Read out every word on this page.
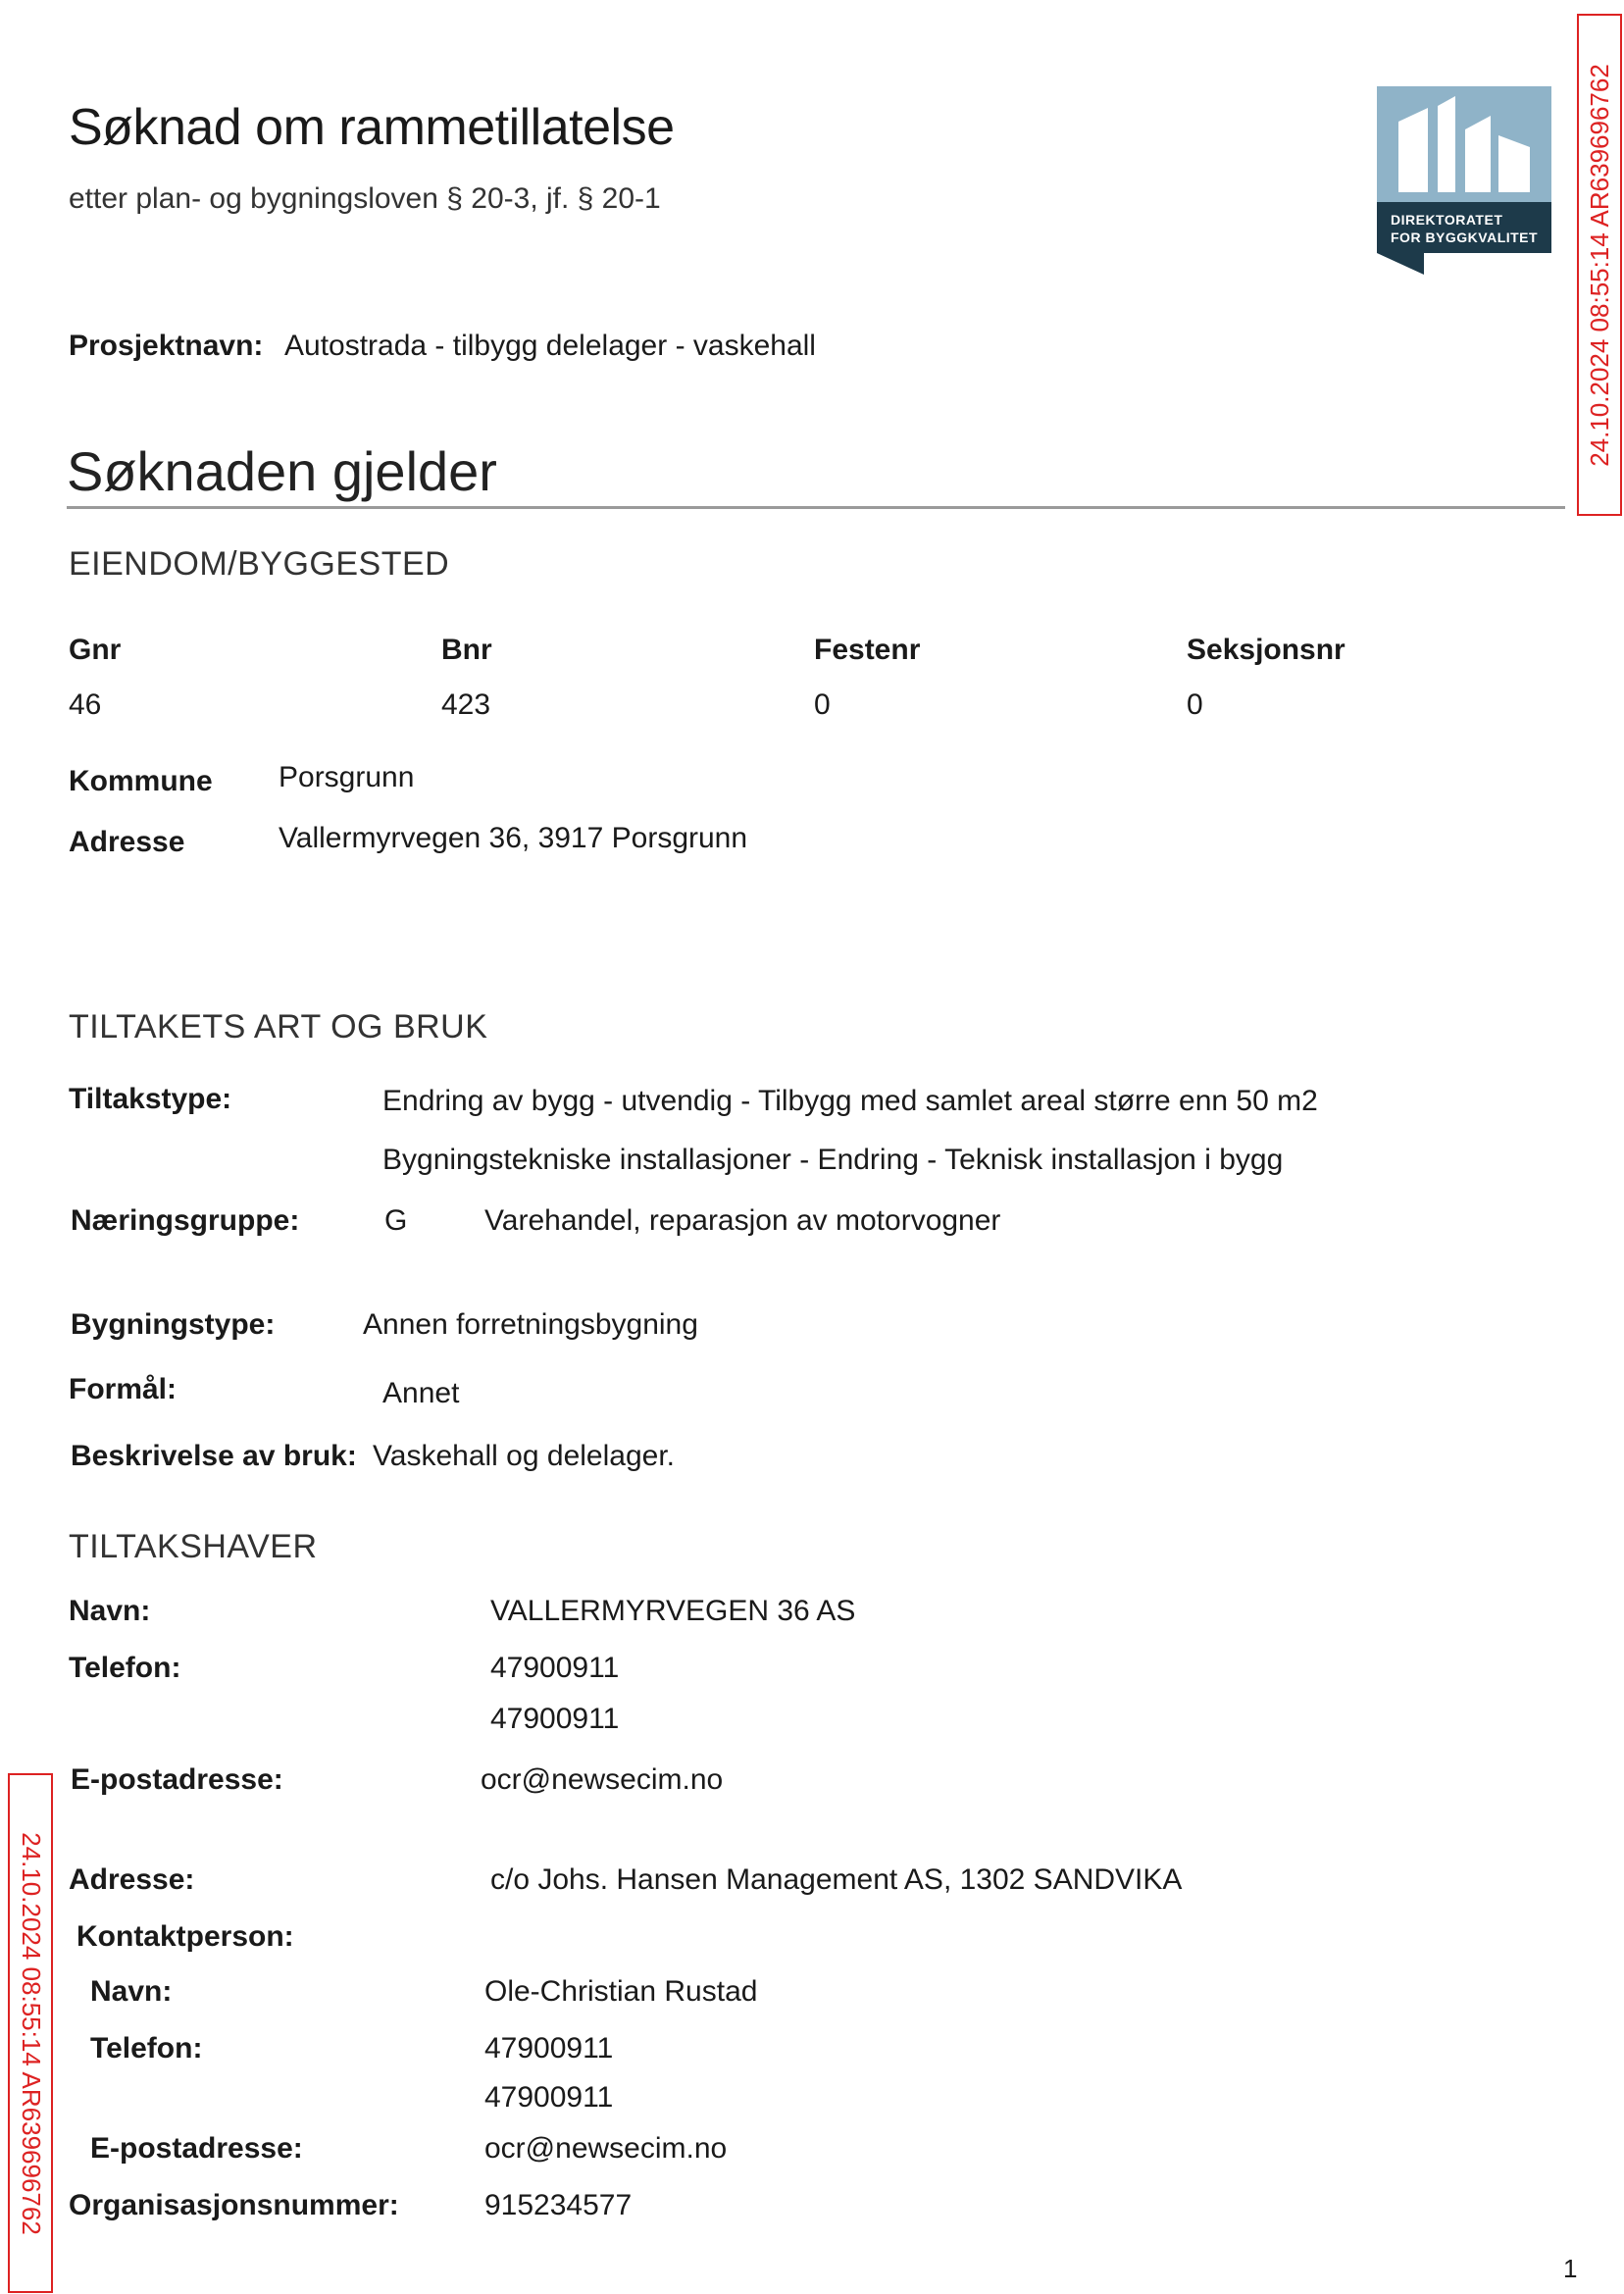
Søknad om rammetillatelse
etter plan- og bygningsloven § 20-3, jf. § 20-1
DIREKTORATET
FOR BYGGKVALITET 24.10.2024 08:55:14 AR639696762
24.10.2024 08:55:14 AR639696762
Prosjektnavn: Autostrada - tilbygg delelager - vaskehall
Søknaden gjelder
EIENDOM/BYGGESTED
Gnr	Bnr	Festenr	Seksjonsnr
46	423	0	0
Kommune Porsgrunn
Adresse	Vallermyrvegen 36, 3917 Porsgrunn
TILTAKETS ART OG BRUK
Tiltakstype:	Endring av bygg - utvendig - Tilbygg med samlet areal større enn 50 m2
Bygningstekniske installasjoner - Endring - Teknisk installasjon i bygg
Næringsgruppe:	G	Varehandel, reparasjon av motorvogner
Bygningstype:	Annen forretningsbygning
Formål:	Annet
Beskrivelse av bruk: Vaskehall og delelager.
TILTAKSHAVER
Navn:	VALLERMYRVEGEN 36 AS
Telefon:	47900911
47900911
E-postadresse:	ocr@newsecim.no
Adresse:	c/o Johs. Hansen Management AS, 1302 SANDVIKA
Kontaktperson:
Navn:	Ole-Christian Rustad
Telefon:	47900911
47900911
E-postadresse:	ocr@newsecim.no
Organisasjonsnummer:	915234577
1
